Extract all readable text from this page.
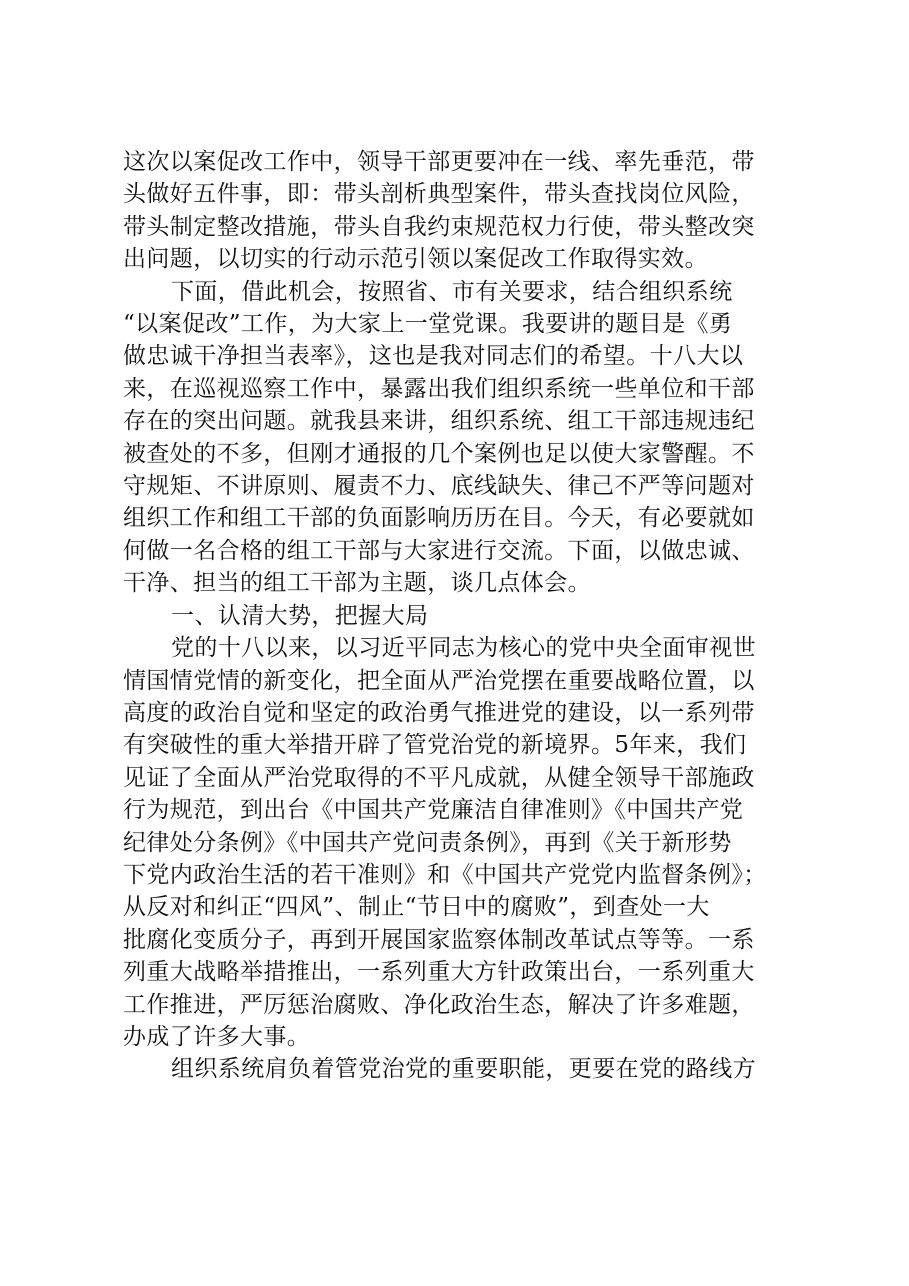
这次以案促改工作中，领导干部更要冲在一线、率先垂范，带
头做好五件事，即：带头剖析典型案件，带头查找岗位风险，
带头制定整改措施，带头自我约束规范权力行使，带头整改突
出问题，以切实的行动示范引领以案促改工作取得实效。

下面，借此机会，按照省、市有关要求，结合组织系统
“以案促改”工作，为大家上一堂党课。我要讲的题目是《勇
做忠诚干净担当表率》，这也是我对同志们的希望。十八大以
来，在巡视巡察工作中，暴露出我们组织系统一些单位和干部
存在的突出问题。就我县来讲，组织系统、组工干部违规违纪
被查处的不多，但刚才通报的几个案例也足以使大家警醒。不
守规矩、不讲原则、履责不力、底线缺失、律己不严等问题对
组织工作和组工干部的负面影响历历在目。今天，有必要就如
何做一名合格的组工干部与大家进行交流。下面，以做忠诚、
干净、担当的组工干部为主题，谈几点体会。

一、认清大势，把握大局

党的十八以来，以习近平同志为核心的党中央全面审视世
情国情党情的新变化，把全面从严治党摆在重要战略位置，以
高度的政治自觉和坚定的政治勇气推进党的建设，以一系列带
有突破性的重大举措开辟了管党治党的新境界。5年来，我们
见证了全面从严治党取得的不平凡成就，从健全领导干部施政
行为规范，到出台《中国共产党廉洁自律准则》《中国共产党
纪律处分条例》《中国共产党问责条例》，再到《关于新形势
下党内政治生活的若干准则》和《中国共产党党内监督条例》；
从反对和纠正“四风”、制止“节日中的腐败”，到查处一大
批腐化变质分子，再到开展国家监察体制改革试点等等。一系
列重大战略举措推出，一系列重大方针政策出台，一系列重大
工作推进，严厉惩治腐败、净化政治生态，解决了许多难题，
办成了许多大事。

组织系统肩负着管党治党的重要职能，更要在党的路线方
